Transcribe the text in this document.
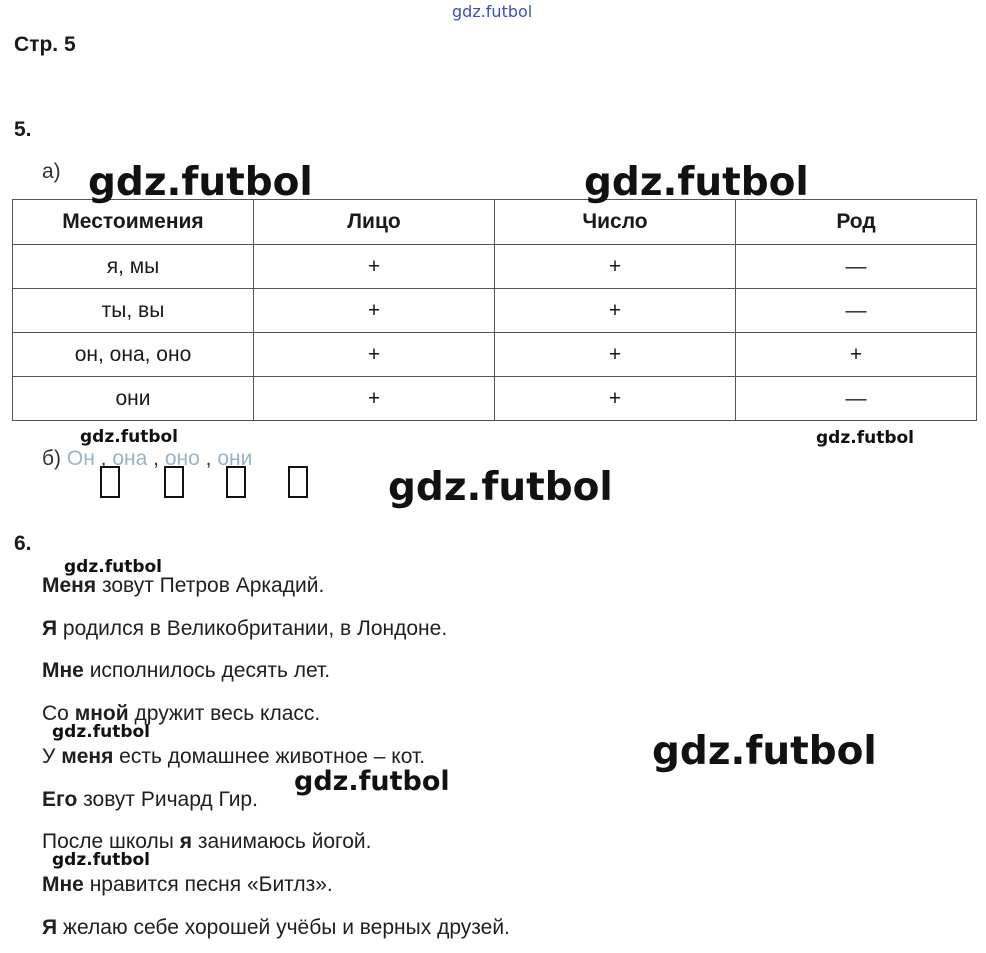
gdz.futbol
Стр. 5
5.
а)
Местоимения	Лицо	Число	Род
я, мы	+	+	—
ты, вы	+	+	—
он, она, оно	+	+	+
они	+	+	—
б) Он , она , оно , они
6.
Меня зовут Петров Аркадий.
Я родился в Великобритании, в Лондоне.
Мне исполнилось десять лет.
Со мной дружит весь класс.
У меня есть домашнее животное – кот.
Его зовут Ричард Гир.
После школы я занимаюсь йогой.
Мне нравится песня «Битлз».
Я желаю себе хорошей учёбы и верных друзей.
gdz.futbol	gdz.futbol
gdz.futbol	gdz.futbol
gdz.futbol
gdz.futbol
gdz.futbol
gdz.futbol
gdz.futbol
gdz.futbol
